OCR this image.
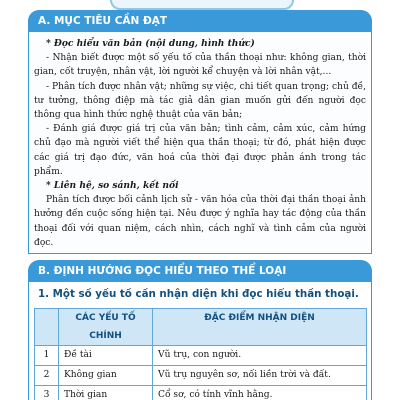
A. MỤC TIÊU CẦN ĐẠT

* Đọc hiểu văn bản (nội dung, hình thức)

- Nhận biết được một số yếu tố của thần thoại như: không gian, thời gian, cốt truyện, nhân vật, lời người kể chuyện và lời nhân vật,...

- Phân tích được nhân vật; những sự việc, chi tiết quan trọng; chủ đề, tư tưởng, thông điệp mà tác giả dân gian muốn gửi đến người đọc thông qua hình thức nghệ thuật của văn bản;

- Đánh giá được giá trị của văn bản; tình cảm, cảm xúc, cảm hứng chủ đạo mà người viết thể hiện qua thần thoại; từ đó, phát hiện được các giá trị đạo đức, văn hoá của thời đại được phản ánh trong tác phẩm.

* Liên hệ, so sánh, kết nối

Phân tích được bối cảnh lịch sử - văn hóa của thời đại thần thoại ảnh hưởng đến cuộc sống hiện tại. Nêu được ý nghĩa hay tác động của thần thoại đối với quan niệm, cách nhìn, cách nghĩ và tình cảm của người đọc.

B. ĐỊNH HƯỚNG ĐỌC HIỂU THEO THỂ LOẠI
1. Một số yếu tố cần nhận diện khi đọc hiểu thần thoại.
	CÁC YẾU TỐ CHÍNH	ĐẶC ĐIỂM NHẬN DIỆN
1	Đề tài	Vũ trụ, con người.
2	Không gian	Vũ trụ nguyên sơ, nối liền trời và đất.
3	Thời gian	Cổ sơ, có tính vĩnh hằng.
